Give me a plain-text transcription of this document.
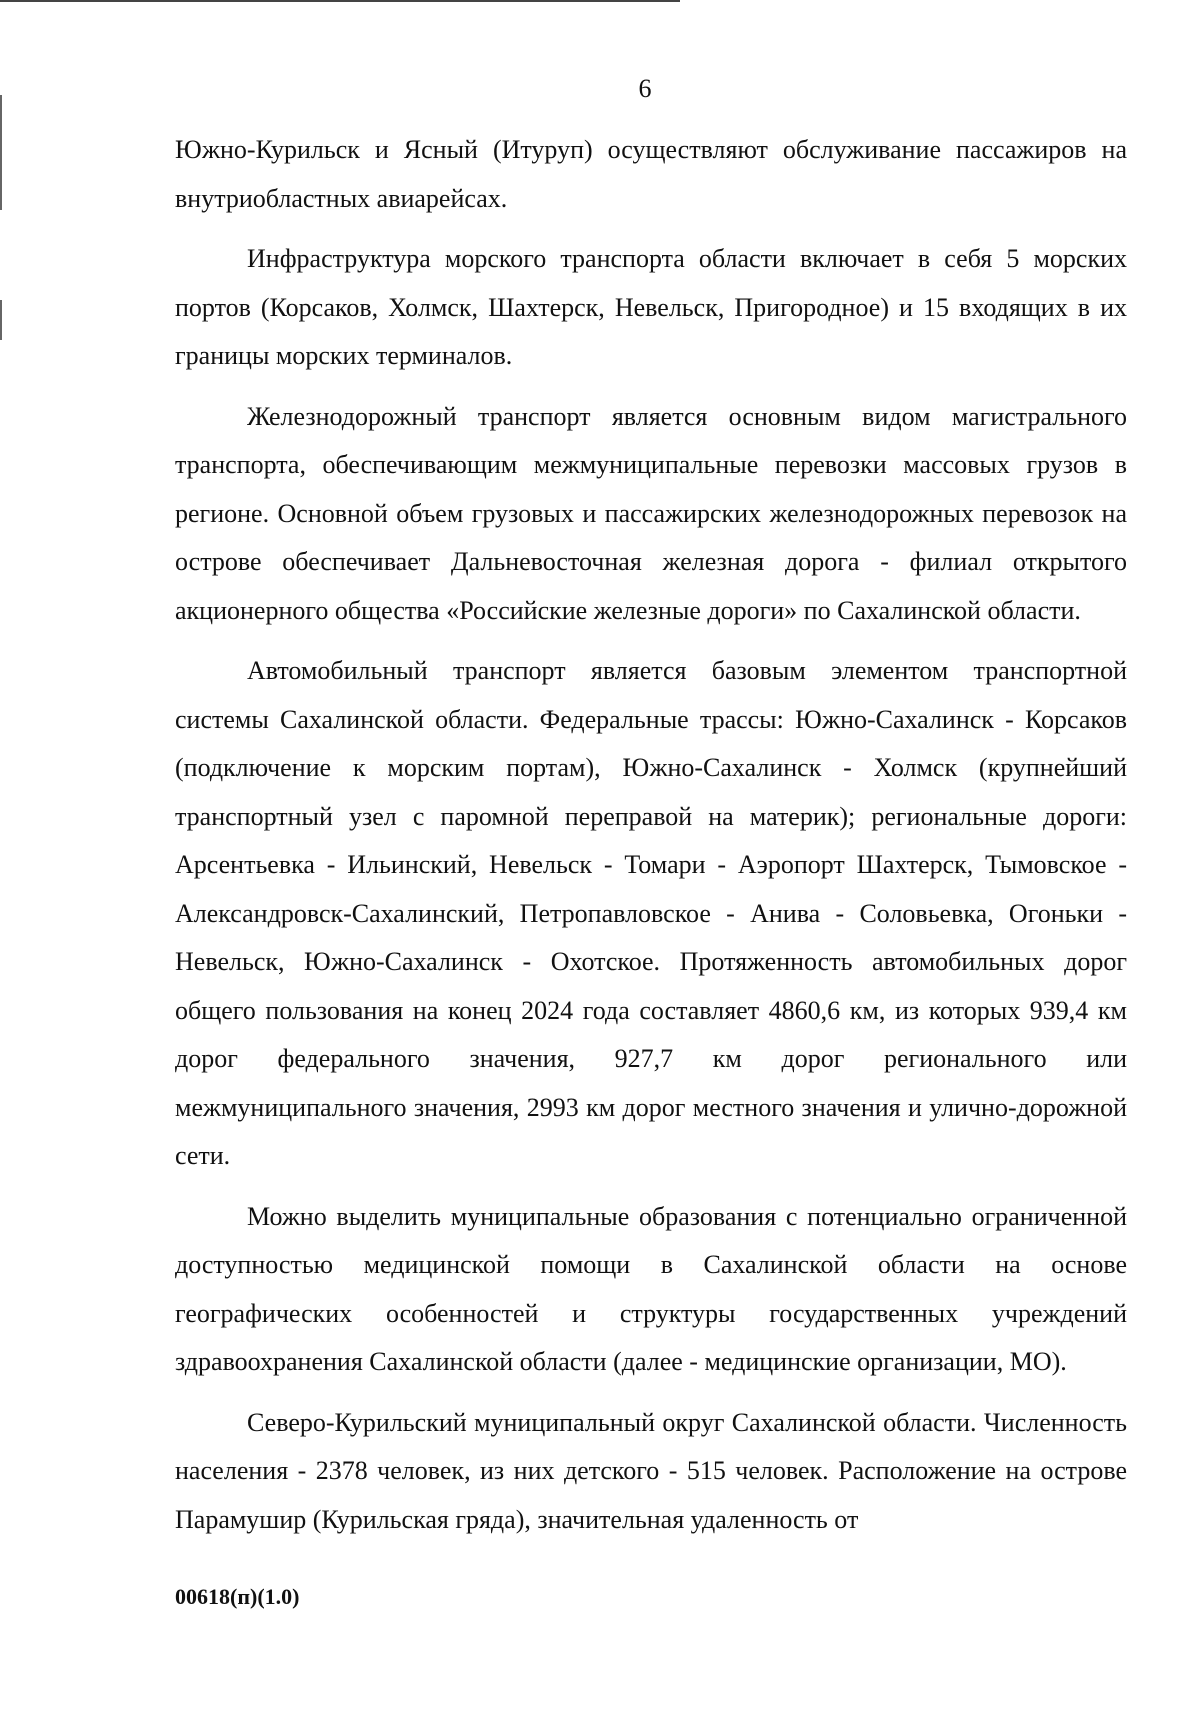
6

Южно-Курильск и Ясный (Итуруп) осуществляют обслуживание пассажиров на внутриобластных авиарейсах.

Инфраструктура морского транспорта области включает в себя 5 морских портов (Корсаков, Холмск, Шахтерск, Невельск, Пригородное) и 15 входящих в их границы морских терминалов.

Железнодорожный транспорт является основным видом магистрального транспорта, обеспечивающим межмуниципальные перевозки массовых грузов в регионе. Основной объем грузовых и пассажирских железнодорожных перевозок на острове обеспечивает Дальневосточная железная дорога - филиал открытого акционерного общества «Российские железные дороги» по Сахалинской области.

Автомобильный транспорт является базовым элементом транспортной системы Сахалинской области. Федеральные трассы: Южно-Сахалинск - Корсаков (подключение к морским портам), Южно-Сахалинск - Холмск (крупнейший транспортный узел с паромной переправой на материк); региональные дороги: Арсентьевка - Ильинский, Невельск - Томари - Аэропорт Шахтерск, Тымовское - Александровск-Сахалинский, Петропавловское - Анива - Соловьевка, Огоньки - Невельск, Южно-Сахалинск - Охотское. Протяженность автомобильных дорог общего пользования на конец 2024 года составляет 4860,6 км, из которых 939,4 км дорог федерального значения, 927,7 км дорог регионального или межмуниципального значения, 2993 км дорог местного значения и улично-дорожной сети.

Можно выделить муниципальные образования с потенциально ограниченной доступностью медицинской помощи в Сахалинской области на основе географических особенностей и структуры государственных учреждений здравоохранения Сахалинской области (далее - медицинские организации, МО).

Северо-Курильский муниципальный округ Сахалинской области. Численность населения - 2378 человек, из них детского - 515 человек. Расположение на острове Парамушир (Курильская гряда), значительная удаленность от

00618(п)(1.0)
